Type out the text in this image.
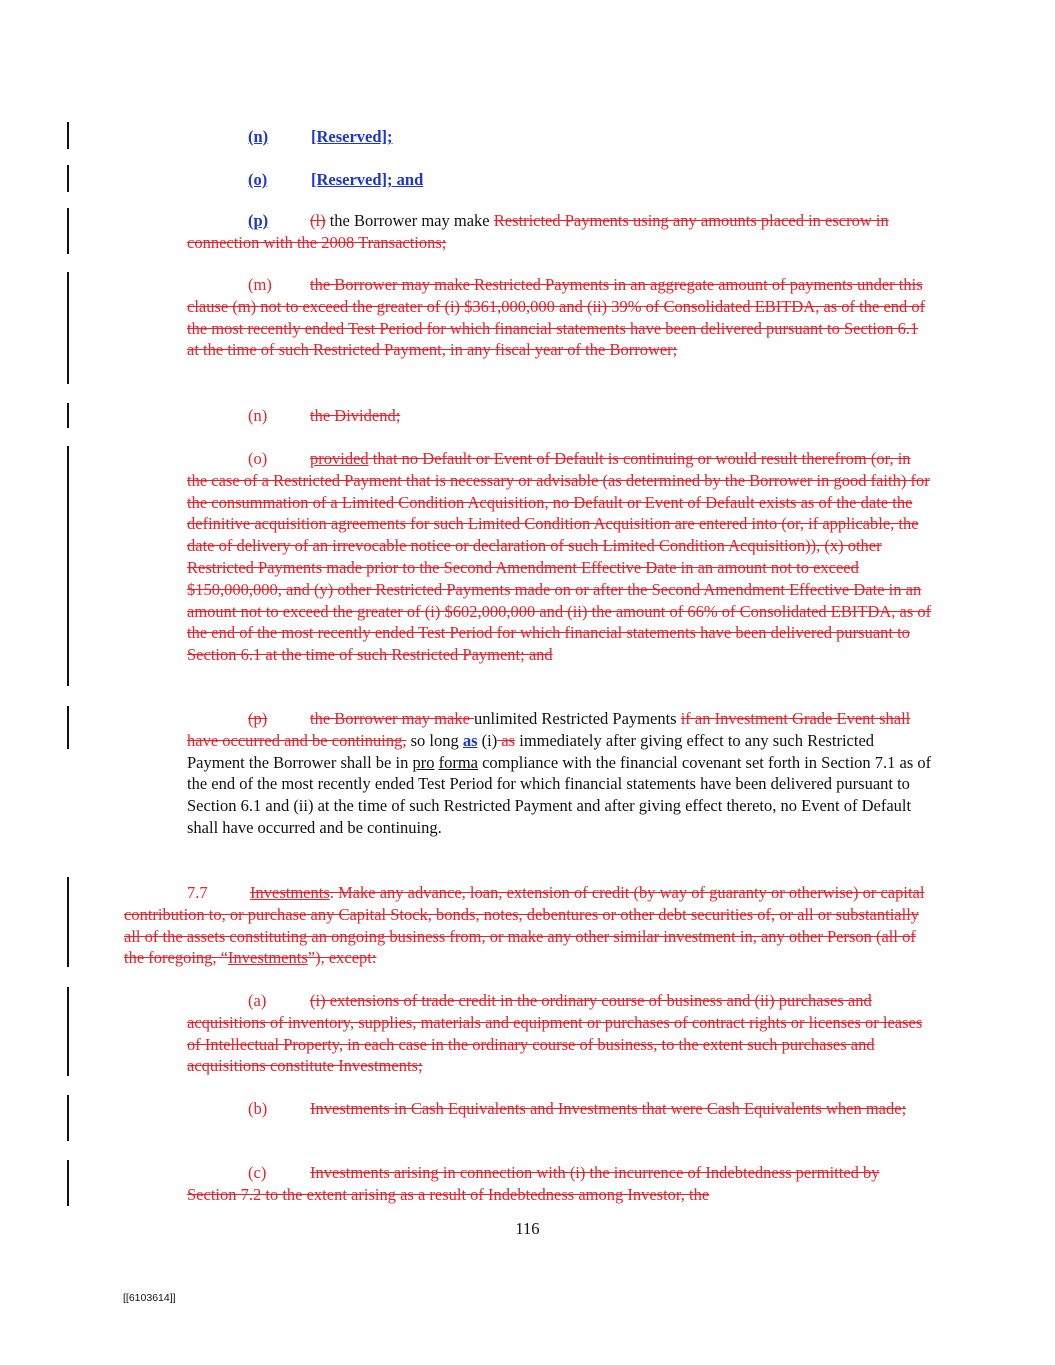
(n)	[Reserved];
(o)	[Reserved]; and
(p)	(l) the Borrower may make Restricted Payments using any amounts placed in escrow in connection with the 2008 Transactions;
(m) the Borrower may make Restricted Payments in an aggregate amount of payments under this clause (m) not to exceed the greater of (i) $361,000,000 and (ii) 39% of Consolidated EBITDA, as of the end of the most recently ended Test Period for which financial statements have been delivered pursuant to Section 6.1 at the time of such Restricted Payment, in any fiscal year of the Borrower;
(n)	the Dividend;
(o)	provided that no Default or Event of Default is continuing or would result therefrom (or, in the case of a Restricted Payment that is necessary or advisable (as determined by the Borrower in good faith) for the consummation of a Limited Condition Acquisition, no Default or Event of Default exists as of the date the definitive acquisition agreements for such Limited Condition Acquisition are entered into (or, if applicable, the date of delivery of an irrevocable notice or declaration of such Limited Condition Acquisition)), (x) other Restricted Payments made prior to the Second Amendment Effective Date in an amount not to exceed $150,000,000, and (y) other Restricted Payments made on or after the Second Amendment Effective Date in an amount not to exceed the greater of (i) $602,000,000 and (ii) the amount of 66% of Consolidated EBITDA, as of the end of the most recently ended Test Period for which financial statements have been delivered pursuant to Section 6.1 at the time of such Restricted Payment; and
(p)	the Borrower may make unlimited Restricted Payments if an Investment Grade Event shall have occurred and be continuing, so long as (i) as immediately after giving effect to any such Restricted Payment the Borrower shall be in pro forma compliance with the financial covenant set forth in Section 7.1 as of the end of the most recently ended Test Period for which financial statements have been delivered pursuant to Section 6.1 and (ii) at the time of such Restricted Payment and after giving effect thereto, no Event of Default shall have occurred and be continuing.
7.7	Investments. Make any advance, loan, extension of credit (by way of guaranty or otherwise) or capital contribution to, or purchase any Capital Stock, bonds, notes, debentures or other debt securities of, or all or substantially all of the assets constituting an ongoing business from, or make any other similar investment in, any other Person (all of the foregoing, “Investments”), except:
(a)	(i) extensions of trade credit in the ordinary course of business and (ii) purchases and acquisitions of inventory, supplies, materials and equipment or purchases of contract rights or licenses or leases of Intellectual Property, in each case in the ordinary course of business, to the extent such purchases and acquisitions constitute Investments;
(b)	Investments in Cash Equivalents and Investments that were Cash Equivalents when made;
(c)	Investments arising in connection with (i) the incurrence of Indebtedness permitted by Section 7.2 to the extent arising as a result of Indebtedness among Investor, the
116
[[6103614]]
